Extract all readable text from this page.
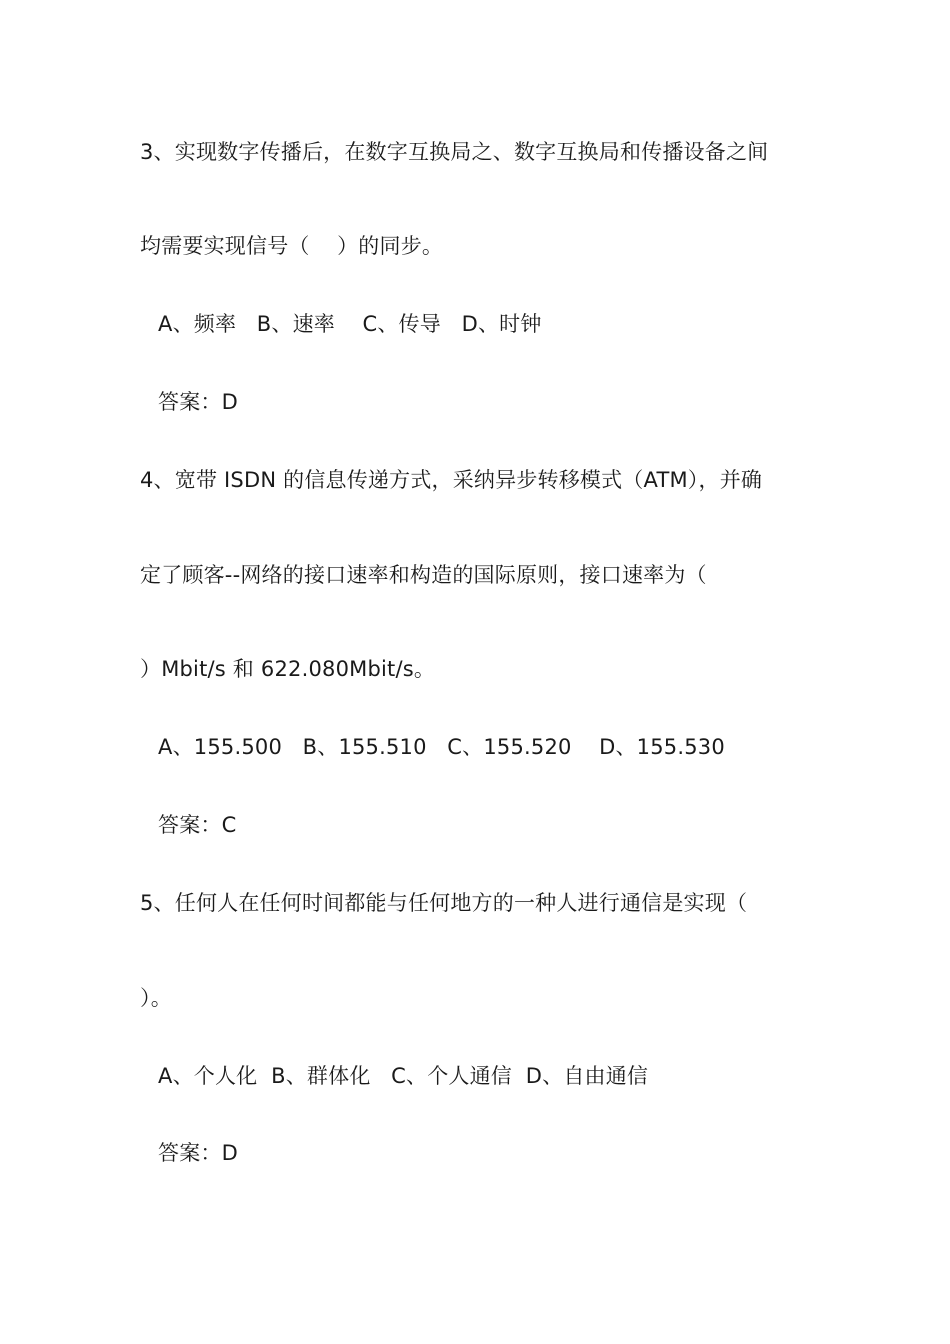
3、实现数字传播后，在数字互换局之、数字互换局和传播设备之间
均需要实现信号（    ）的同步。
A、频率   B、速率    C、传导   D、时钟
答案：D
4、宽带 ISDN 的信息传递方式，采纳异步转移模式（ATM），并确
定了顾客--网络的接口速率和构造的国际原则，接口速率为（
）Mbit/s 和 622.080Mbit/s。
A、155.500   B、155.510   C、155.520    D、155.530
答案：C
5、任何人在任何时间都能与任何地方的一种人进行通信是实现（
）。
A、个人化  B、群体化   C、个人通信  D、自由通信
答案：D
